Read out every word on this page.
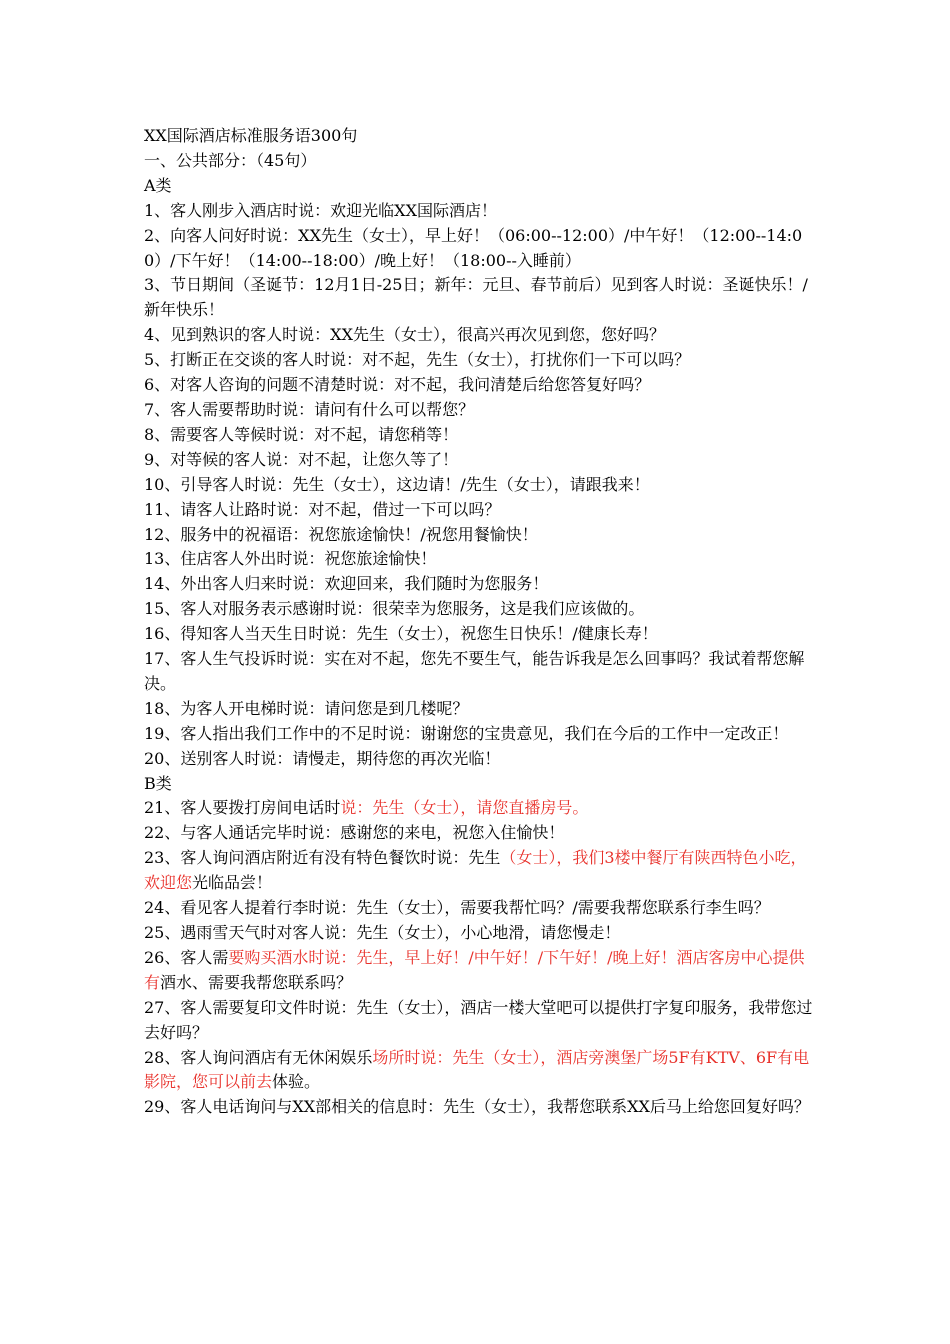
XX国际酒店标准服务语300句
一、公共部分：（45句）
A类
1、客人刚步入酒店时说：欢迎光临XX国际酒店！
2、向客人问好时说：XX先生（女士），早上好！（06:00--12:00）/中午好！（12:00--14:00）/下午好！（14:00--18:00）/晚上好！（18:00--入睡前）
3、节日期间（圣诞节：12月1日-25日；新年：元旦、春节前后）见到客人时说：圣诞快乐！/新年快乐！
4、见到熟识的客人时说：XX先生（女士），很高兴再次见到您，您好吗？
5、打断正在交谈的客人时说：对不起，先生（女士），打扰你们一下可以吗？
6、对客人咨询的问题不清楚时说：对不起，我问清楚后给您答复好吗？
7、客人需要帮助时说：请问有什么可以帮您？
8、需要客人等候时说：对不起，请您稍等！
9、对等候的客人说：对不起，让您久等了！
10、引导客人时说：先生（女士），这边请！/先生（女士），请跟我来！
11、请客人让路时说：对不起，借过一下可以吗？
12、服务中的祝福语：祝您旅途愉快！/祝您用餐愉快！
13、住店客人外出时说：祝您旅途愉快！
14、外出客人归来时说：欢迎回来，我们随时为您服务！
15、客人对服务表示感谢时说：很荣幸为您服务，这是我们应该做的。
16、得知客人当天生日时说：先生（女士），祝您生日快乐！/健康长寿！
17、客人生气投诉时说：实在对不起，您先不要生气，能告诉我是怎么回事吗？我试着帮您解决。
18、为客人开电梯时说：请问您是到几楼呢？
19、客人指出我们工作中的不足时说：谢谢您的宝贵意见，我们在今后的工作中一定改正！
20、送别客人时说：请慢走，期待您的再次光临！
B类
21、客人要拨打房间电话时说：先生（女士），请您直播房号。
22、与客人通话完毕时说：感谢您的来电，祝您入住愉快！
23、客人询问酒店附近有没有特色餐饮时说：先生（女士），我们3楼中餐厅有陕西特色小吃，欢迎您光临品尝！
24、看见客人提着行李时说：先生（女士），需要我帮忙吗？/需要我帮您联系行李生吗？
25、遇雨雪天气时对客人说：先生（女士），小心地滑，请您慢走！
26、客人需要购买酒水时说：先生，早上好！/中午好！/下午好！/晚上好！酒店客房中心提供有酒水、需要我帮您联系吗？
27、客人需要复印文件时说：先生（女士），酒店一楼大堂吧可以提供打字复印服务，我带您过去好吗？
28、客人询问酒店有无休闲娱乐场所时说：先生（女士），酒店旁澳堡广场5F有KTV、6F有电影院，您可以前去体验。
29、客人电话询问与XX部相关的信息时：先生（女士），我帮您联系XX后马上给您回复好吗？
